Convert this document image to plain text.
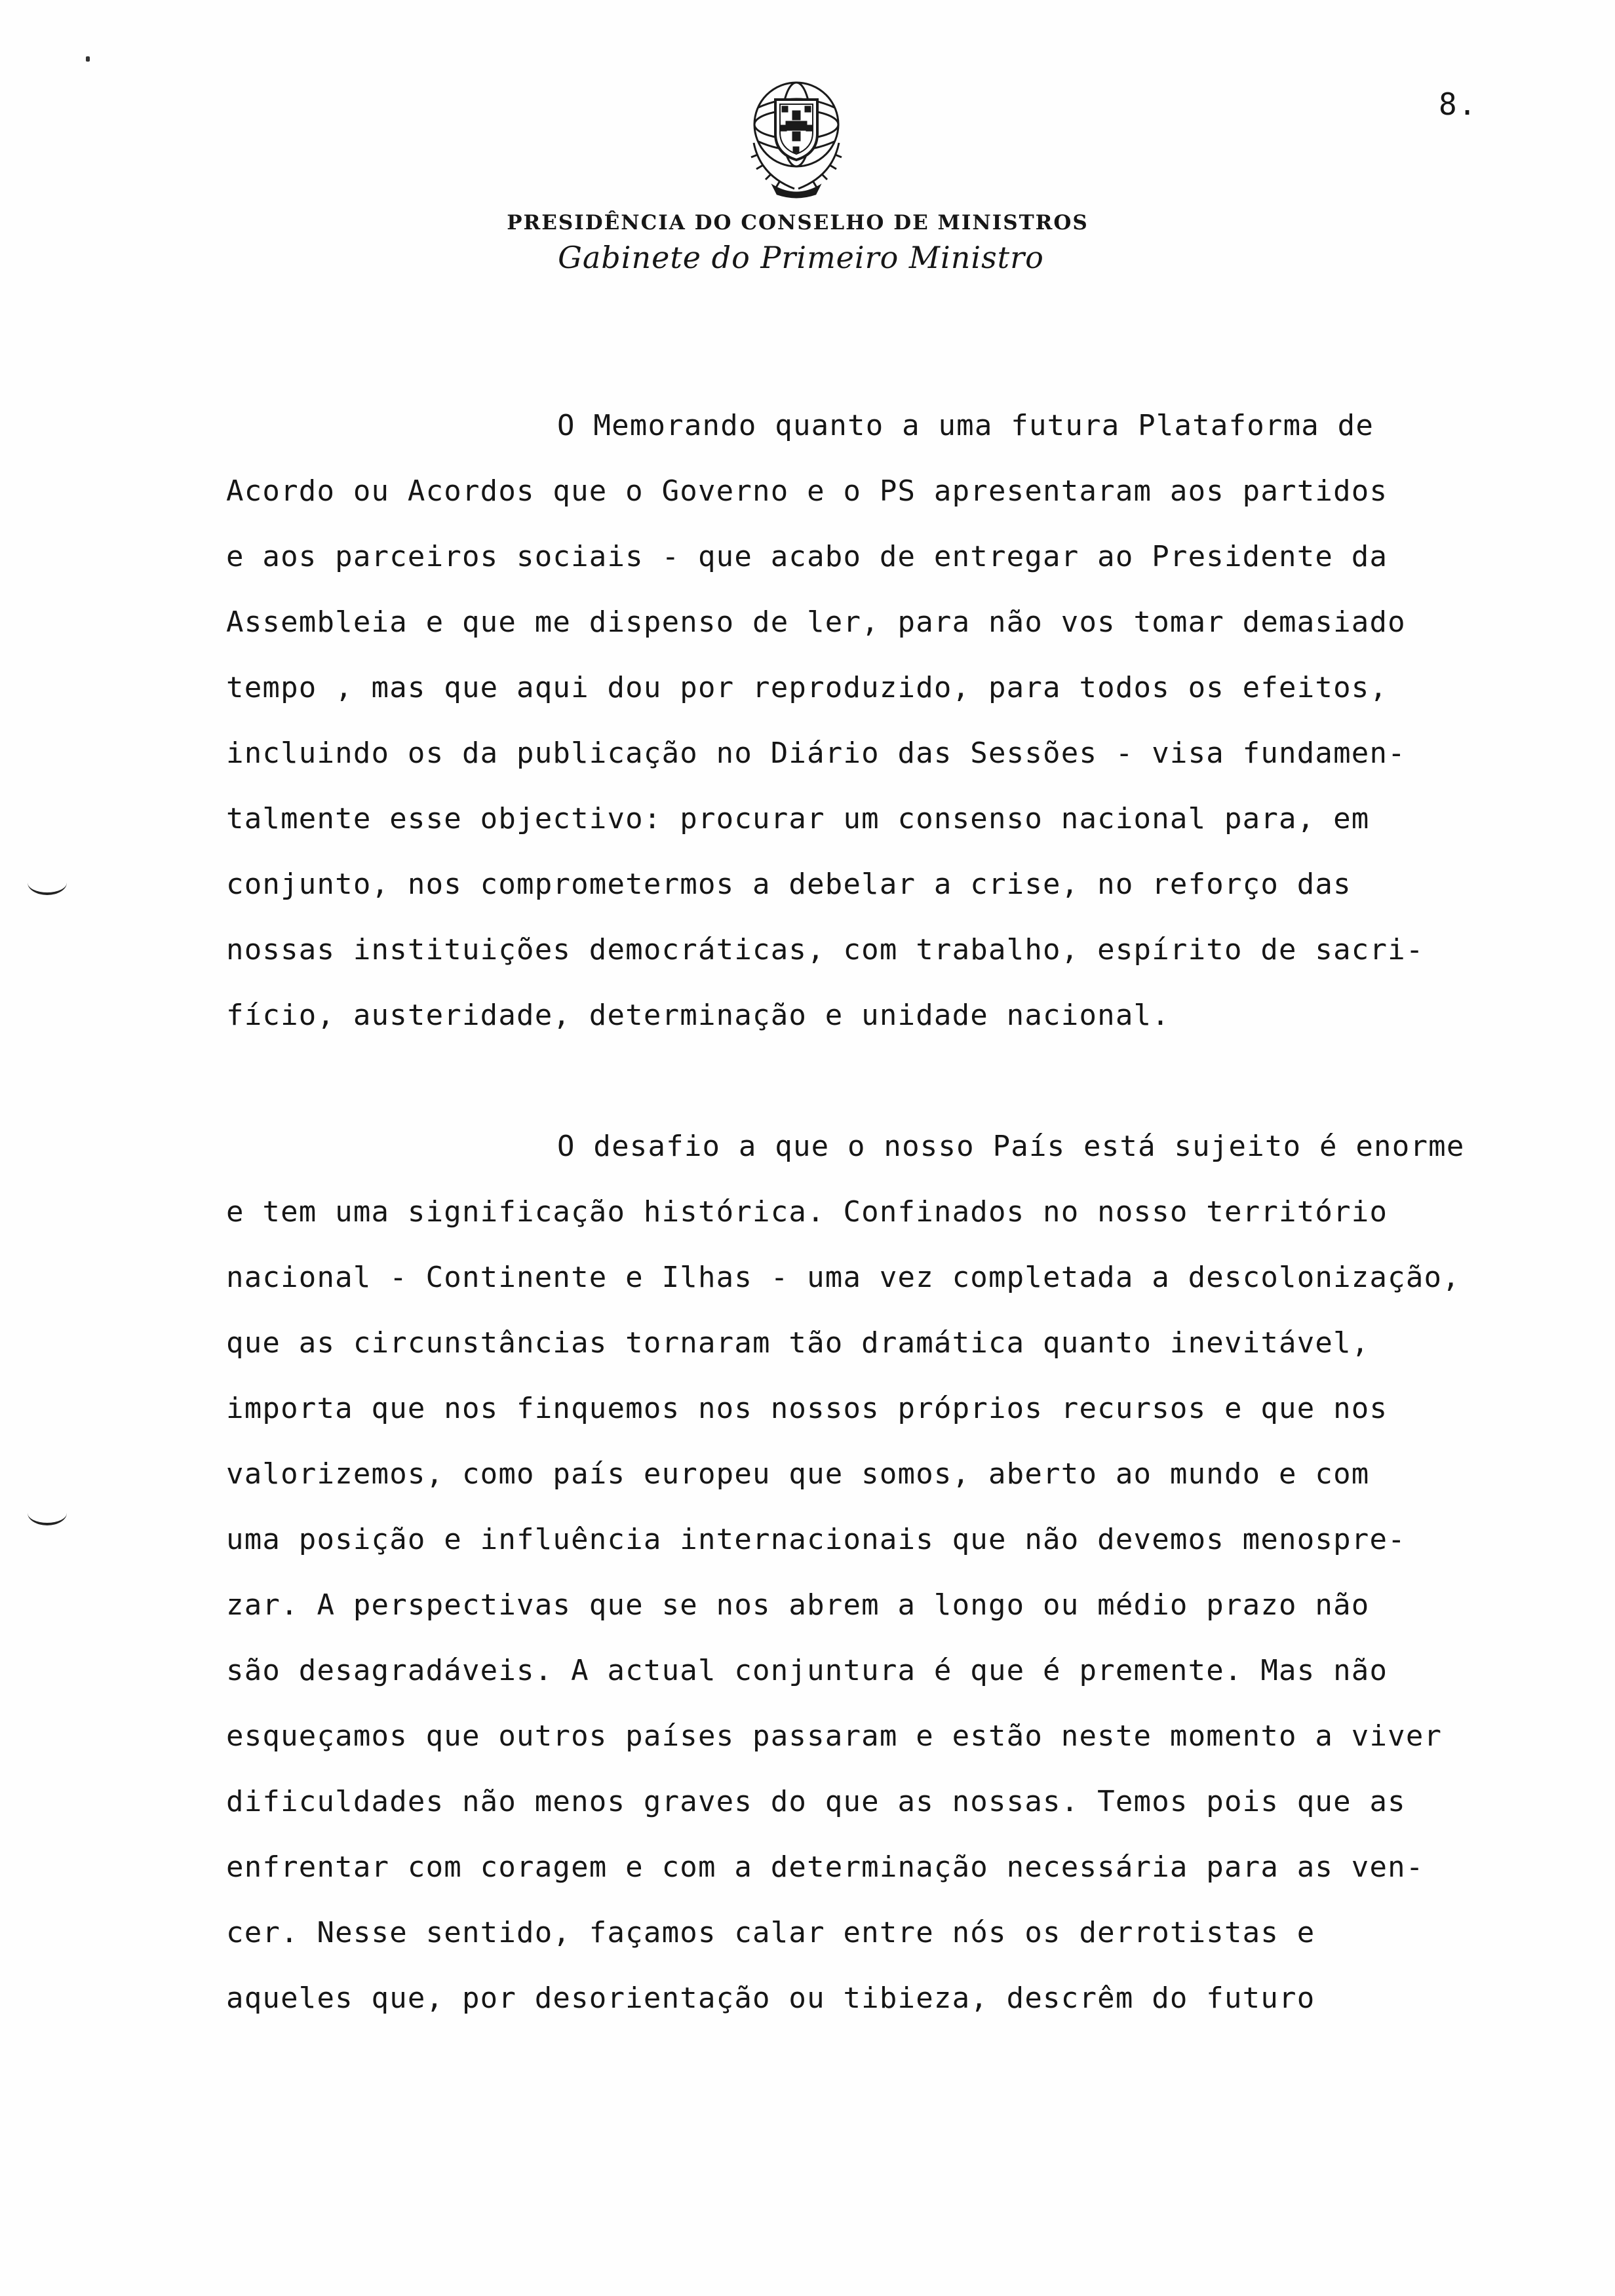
8.
PRESIDÊNCIA DO CONSELHO DE MINISTROS
Gabinete do Primeiro Ministro
O Memorando quanto a uma futura Plataforma de
Acordo ou Acordos que o Governo e o PS apresentaram aos partidos
e aos parceiros sociais - que acabo de entregar ao Presidente da
Assembleia e que me dispenso de ler, para não vos tomar demasiado
tempo , mas que aqui dou por reproduzido, para todos os efeitos,
incluindo os da publicação no Diário das Sessões - visa fundamen-
talmente esse objectivo: procurar um consenso nacional para, em
conjunto, nos comprometermos a debelar a crise, no reforço das
nossas instituições democráticas, com trabalho, espírito de sacri-
fício, austeridade, determinação e unidade nacional.
O desafio a que o nosso País está sujeito é enorme
e tem uma significação histórica. Confinados no nosso território
nacional - Continente e Ilhas - uma vez completada a descolonização,
que as circunstâncias tornaram tão dramática quanto inevitável,
importa que nos finquemos nos nossos próprios recursos e que nos
valorizemos, como país europeu que somos, aberto ao mundo e com
uma posição e influência internacionais que não devemos menospre-
zar. A perspectivas que se nos abrem a longo ou médio prazo não
são desagradáveis. A actual conjuntura é que é premente. Mas não
esqueçamos que outros países passaram e estão neste momento a viver
dificuldades não menos graves do que as nossas. Temos pois que as
enfrentar com coragem e com a determinação necessária para as ven-
cer. Nesse sentido, façamos calar entre nós os derrotistas e
aqueles que, por desorientação ou tibieza, descrêm do futuro
